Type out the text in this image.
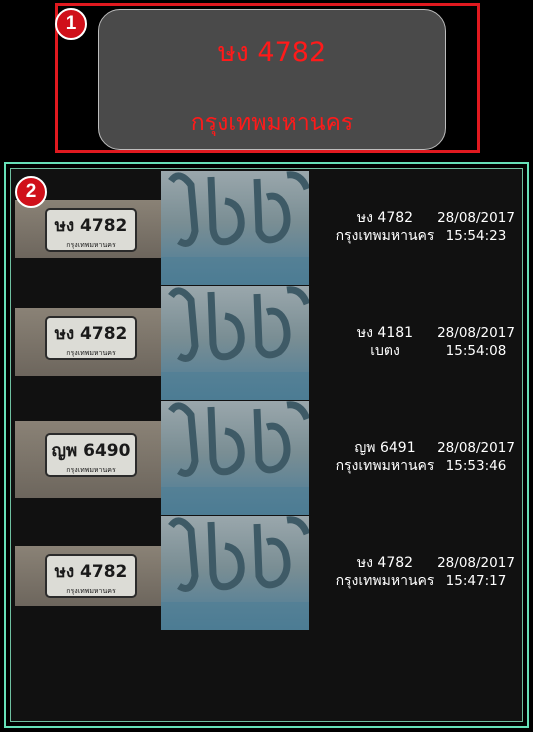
ษง 4782
กรุงเทพมหานคร
1
ษง 4782
กรุงเทพมหานคร
ษง 4782
กรุงเทพมหานคร
28/08/2017
15:54:23
ษง 4782
กรุงเทพมหานคร
ษง 4181
เบตง
28/08/2017
15:54:08
ญพ 6490
กรุงเทพมหานคร
ญพ 6491
กรุงเทพมหานคร
28/08/2017
15:53:46
ษง 4782
กรุงเทพมหานคร
ษง 4782
กรุงเทพมหานคร
28/08/2017
15:47:17
2
